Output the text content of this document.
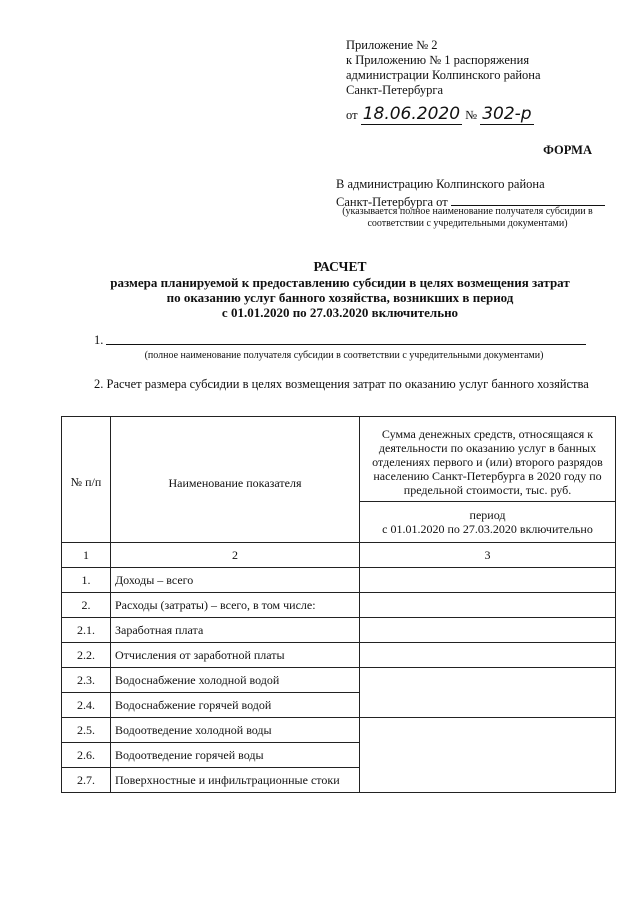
Приложение № 2
к Приложению № 1 распоряжения
администрации Колпинского района
Санкт-Петербурга
от 18.06.2020 № 302-р
ФОРМА
В администрацию Колпинского района
Санкт-Петербурга от
(указывается полное наименование получателя субсидии в соответствии с учредительными документами)
РАСЧЕТ
размера планируемой к предоставлению субсидии в целях возмещения затрат
по оказанию услуг банного хозяйства, возникших в период
с 01.01.2020 по 27.03.2020 включительно
1.
(полное наименование получателя субсидии в соответствии с учредительными документами)
2. Расчет размера субсидии в целях возмещения затрат по оказанию услуг банного хозяйства
№ п/п	Наименование показателя	Сумма денежных средств, относящаяся к деятельности по оказанию услуг в банных отделениях первого и (или) второго разрядов населению Санкт-Петербурга в 2020 году по предельной стоимости, тыс. руб.

		период
с 01.01.2020 по 27.03.2020 включительно

1	2	3
1.	Доходы – всего	
2.	Расходы (затраты) – всего, в том числе:	
2.1.	Заработная плата	
2.2.	Отчисления от заработной платы	
2.3.	Водоснабжение холодной водой	
2.4.	Водоснабжение горячей водой	
2.5.	Водоотведение холодной воды	
2.6.	Водоотведение горячей воды	
2.7.	Поверхностные и инфильтрационные стоки	
